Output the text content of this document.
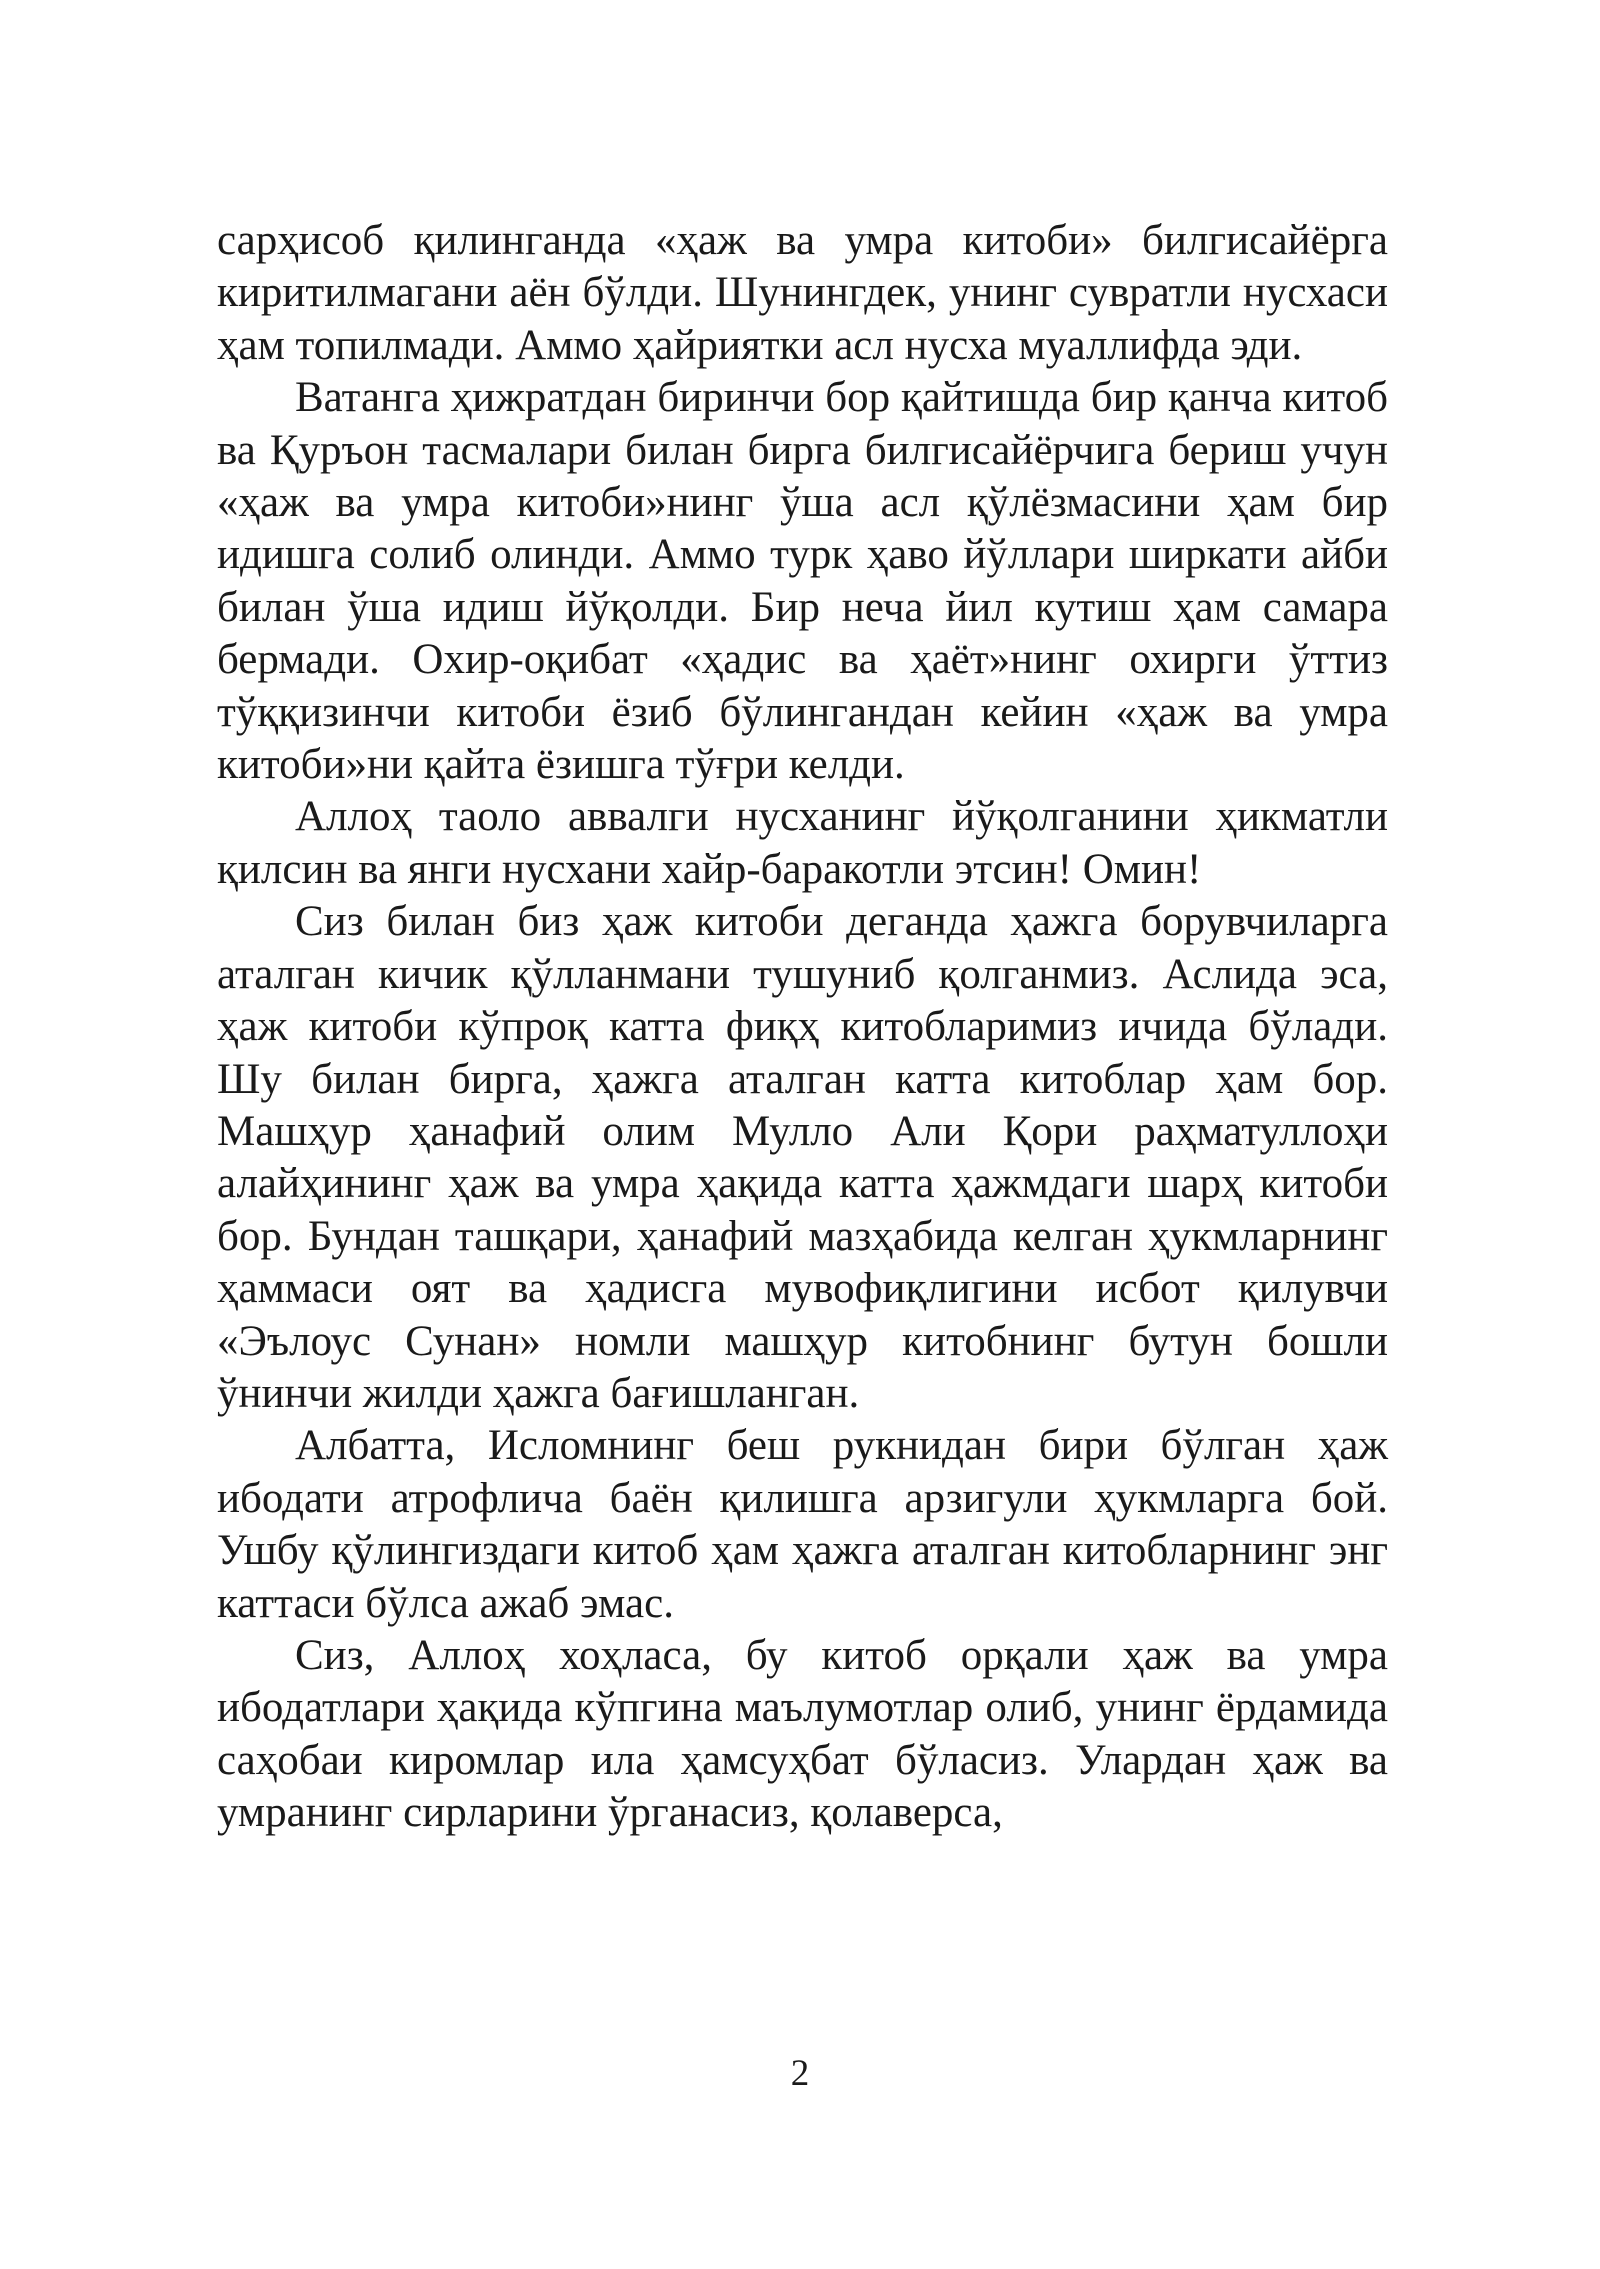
сарҳисоб қилинганда «ҳаж ва умра китоби» билгисайёрга киритилмагани аён бўлди. Шунингдек, унинг сувратли нусхаси ҳам топилмади. Аммо ҳайриятки асл нусха муаллифда эди.

Ватанга ҳижратдан биринчи бор қайтишда бир қанча китоб ва Қуръон тасмалари билан бирга билгисайёрчига бериш учун «ҳаж ва умра китоби»нинг ўша асл қўлёзмасини ҳам бир идишга солиб олинди. Аммо турк ҳаво йўллари ширкати айби билан ўша идиш йўқолди. Бир неча йил кутиш ҳам самара бермади. Охир-оқибат «ҳадис ва ҳаёт»нинг охирги ўттиз тўққизинчи китоби ёзиб бўлингандан кейин «ҳаж ва умра китоби»ни қайта ёзишга тўғри келди.

Аллоҳ таоло аввалги нусханинг йўқолганини ҳикматли қилсин ва янги нусхани хайр-баракотли этсин! Омин!

Сиз билан биз ҳаж китоби деганда ҳажга борувчиларга аталган кичик қўлланмани тушуниб қолганмиз. Аслида эса, ҳаж китоби кўпроқ катта фиқҳ китобларимиз ичида бўлади. Шу билан бирга, ҳажга аталган катта китоблар ҳам бор. Машҳур ҳанафий олим Мулло Али Қори раҳматуллоҳи алайҳининг ҳаж ва умра ҳақида катта ҳажмдаги шарҳ китоби бор. Бундан ташқари, ҳанафий мазҳабида келган ҳукмларнинг ҳаммаси оят ва ҳадисга мувофиқлигини исбот қилувчи «Эълоус Сунан» номли машҳур китобнинг бутун бошли ўнинчи жилди ҳажга бағишланган.

Албатта, Исломнинг беш рукнидан бири бўлган ҳаж ибодати атрофлича баён қилишга арзигули ҳукмларга бой. Ушбу қўлингиздаги китоб ҳам ҳажга аталган китобларнинг энг каттаси бўлса ажаб эмас.

Сиз, Аллоҳ хоҳласа, бу китоб орқали ҳаж ва умра ибодатлари ҳақида кўпгина маълумотлар олиб, унинг ёрдамида саҳобаи киромлар ила ҳамсуҳбат бўласиз. Улардан ҳаж ва умранинг сирларини ўрганасиз, қолаверса,

2
